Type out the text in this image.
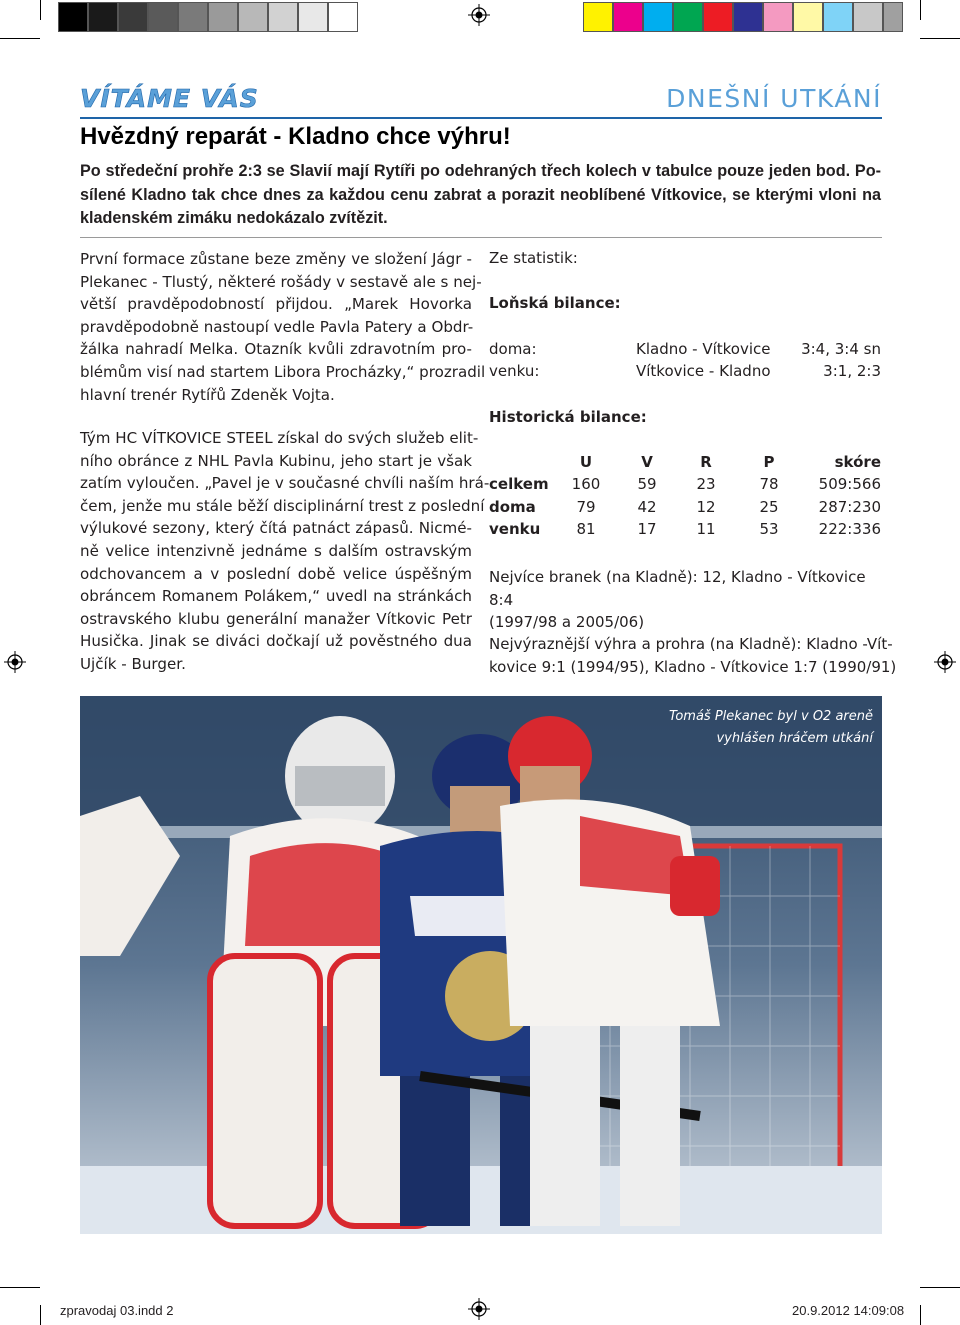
VÍTÁME VÁS	DNEŠNÍ UTKÁNÍ
Hvězdný reparát - Kladno chce výhru!
Po středeční prohře 2:3 se Slavií mají Rytíři po odehraných třech kolech v tabulce pouze jeden bod. Po-
sílené Kladno tak chce dnes za každou cenu zabrat a porazit neoblíbené Vítkovice, se kterými vloni na
kladenském zimáku nedokázalo zvítězit.
První formace zůstane beze změny ve složení Jágr -
Plekanec - Tlustý, některé rošády v sestavě ale s nej-
větší pravděpodobností přijdou. „Marek Hovorka
pravděpodobně nastoupí vedle Pavla Patery a Obdr-
žálka nahradí Melka. Otazník kvůli zdravotním pro-
blémům visí nad startem Libora Procházky,“ prozradil
hlavní trenér Rytířů Zdeněk Vojta.
Tým HC VÍTKOVICE STEEL získal do svých služeb elit-
ního obránce z NHL Pavla Kubinu, jeho start je však
zatím vyloučen. „Pavel je v současné chvíli naším hrá-
čem, jenže mu stále běží disciplinární trest z poslední
výlukové sezony, který čítá patnáct zápasů. Nicmé-
ně velice intenzivně jednáme s dalším ostravským
odchovancem a v poslední době velice úspěšným
obráncem Romanem Polákem,“ uvedl na stránkách
ostravského klubu generální manažer Vítkovic Petr
Husička. Jinak se diváci dočkají už pověstného dua
Ujčík - Burger.
Ze statistik:
Loňská bilance:
doma:	Kladno - Vítkovice	3:4, 3:4 sn
venku:	Vítkovice - Kladno	3:1, 2:3
Historická bilance:
U	V	R	P	skóre
celkem	160	59	23	78	509:566
doma	79	42	12	25	287:230
venku	81	17	11	53	222:336
Nejvíce branek (na Kladně): 12, Kladno - Vítkovice 8:4
(1997/98 a 2005/06)
Nejvýraznější výhra a prohra (na Kladně): Kladno -Vít-
kovice 9:1 (1994/95), Kladno - Vítkovice 1:7 (1990/91)
Tomáš Plekanec byl v O2 areně
vyhlášen hráčem utkání
zpravodaj 03.indd 2	20.9.2012 14:09:08
